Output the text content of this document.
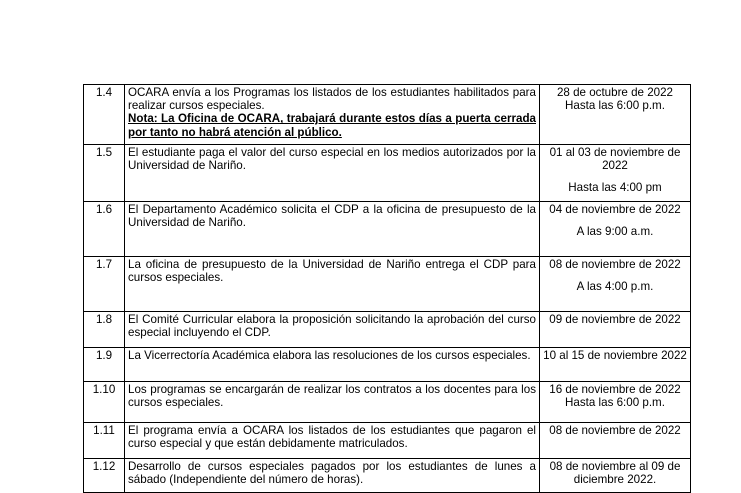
1.4	OCARA envía a los Programas los listados de los estudiantes habilitados para realizar cursos especiales.
Nota: La Oficina de OCARA, trabajará durante estos días a puerta cerrada por tanto no habrá atención al público.	28 de octubre de 2022
Hasta las 6:00 p.m.

1.5	El estudiante paga el valor del curso especial en los medios autorizados por la Universidad de Nariño.	01 al 03 de noviembre de 2022
Hasta las 4:00 pm

1.6	El Departamento Académico solicita el CDP a la oficina de presupuesto de la Universidad de Nariño.	04 de noviembre de 2022
A las 9:00 a.m.

1.7	La oficina de presupuesto de la Universidad de Nariño entrega el CDP para cursos especiales.	08 de noviembre de 2022
A las 4:00 p.m.

1.8	El Comité Curricular elabora la proposición solicitando la aprobación del curso especial incluyendo el CDP.	09 de noviembre de 2022

1.9	La Vicerrectoría Académica elabora las resoluciones de los cursos especiales.	10 al 15 de noviembre 2022

1.10	Los programas se encargarán de realizar los contratos a los docentes para los cursos especiales.	16 de noviembre de 2022
Hasta las 6:00 p.m.

1.11	El programa envía a OCARA los listados de los estudiantes que pagaron el curso especial y que están debidamente matriculados.	08 de noviembre de 2022

1.12	Desarrollo de cursos especiales pagados por los estudiantes de lunes a sábado (Independiente del número de horas).	08 de noviembre al 09 de diciembre 2022.
